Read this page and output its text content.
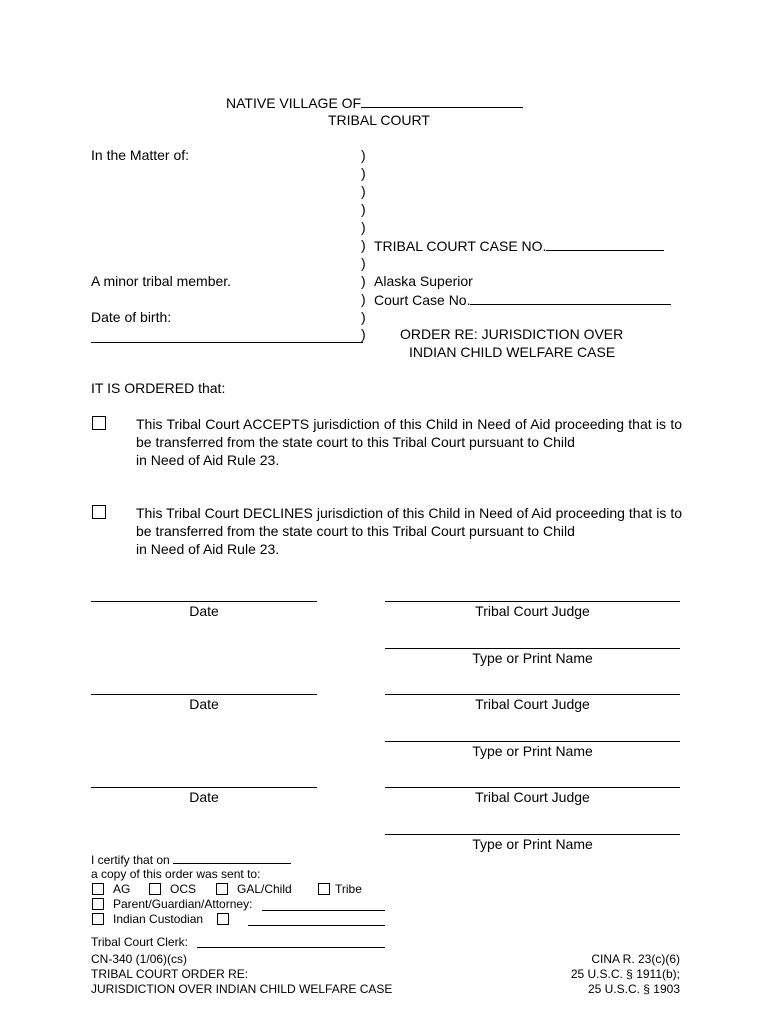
NATIVE VILLAGE OF
TRIBAL COURT
In the Matter of:
A minor tribal member.
Date of birth:
)
)
)
)
)
)
)
)
)
)
)
TRIBAL COURT CASE NO.
Alaska Superior
Court Case No.
ORDER RE: JURISDICTION OVER
INDIAN CHILD WELFARE CASE
IT IS ORDERED that:
This Tribal Court ACCEPTS jurisdiction of this Child in Need of Aid proceeding that is to be transferred from the state court to this Tribal Court pursuant to Child
in Need of Aid Rule 23.
This Tribal Court DECLINES jurisdiction of this Child in Need of Aid proceeding that is to be transferred from the state court to this Tribal Court pursuant to Child
in Need of Aid Rule 23.
Date	Tribal Court Judge
Type or Print Name
Date	Tribal Court Judge
Type or Print Name
Date	Tribal Court Judge
Type or Print Name
I certify that on
a copy of this order was sent to:
AG	OCS	GAL/Child	Tribe
Parent/Guardian/Attorney:
Indian Custodian
Tribal Court Clerk:
CN-340 (1/06)(cs)
TRIBAL COURT ORDER RE:
JURISDICTION OVER INDIAN CHILD WELFARE CASE
CINA R. 23(c)(6)
25 U.S.C. § 1911(b);
25 U.S.C. § 1903
